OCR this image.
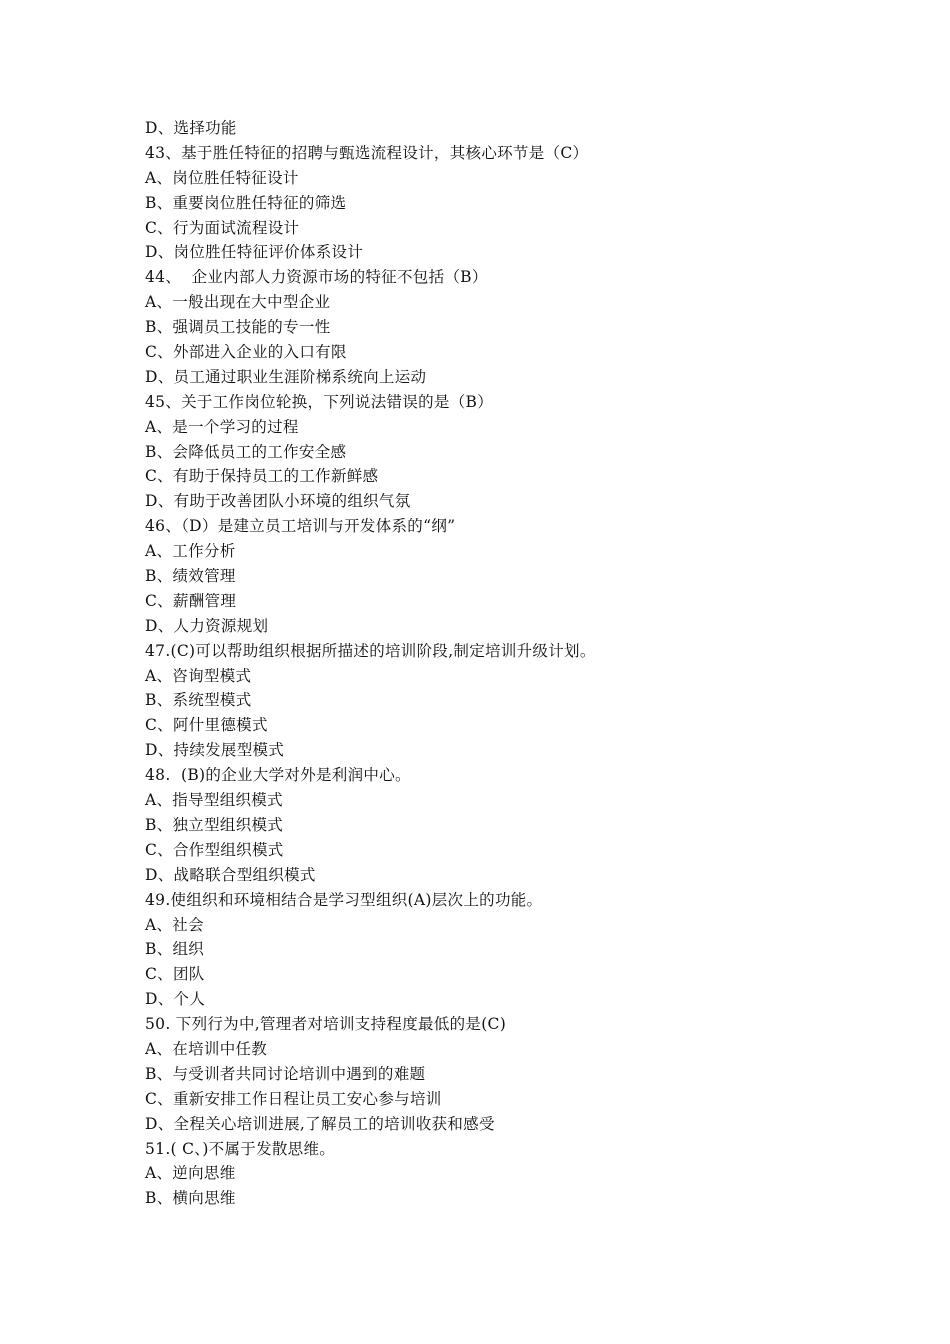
D、选择功能
43、基于胜任特征的招聘与甄选流程设计，其核心环节是（C）
A、岗位胜任特征设计
B、重要岗位胜任特征的筛选
C、行为面试流程设计
D、岗位胜任特征评价体系设计
44、  企业内部人力资源市场的特征不包括（B）
A、一般出现在大中型企业
B、强调员工技能的专一性
C、外部进入企业的入口有限
D、员工通过职业生涯阶梯系统向上运动
45、关于工作岗位轮换，下列说法错误的是（B）
A、是一个学习的过程
B、会降低员工的工作安全感
C、有助于保持员工的工作新鲜感
D、有助于改善团队小环境的组织气氛
46、（D）是建立员工培训与开发体系的“纲”
A、工作分析
B、绩效管理
C、薪酬管理
D、人力资源规划
47.(C)可以帮助组织根据所描述的培训阶段,制定培训升级计划。
A、咨询型模式
B、系统型模式
C、阿什里德模式
D、持续发展型模式
48.  (B)的企业大学对外是利润中心。
A、指导型组织模式
B、独立型组织模式
C、合作型组织模式
D、战略联合型组织模式
49.使组织和环境相结合是学习型组织(A)层次上的功能。
A、社会
B、组织
C、团队
D、个人
50. 下列行为中,管理者对培训支持程度最低的是(C)
A、在培训中任教
B、与受训者共同讨论培训中遇到的难题
C、重新安排工作日程让员工安心参与培训
D、全程关心培训进展,了解员工的培训收获和感受
51.( C、)不属于发散思维。
A、逆向思维
B、横向思维
